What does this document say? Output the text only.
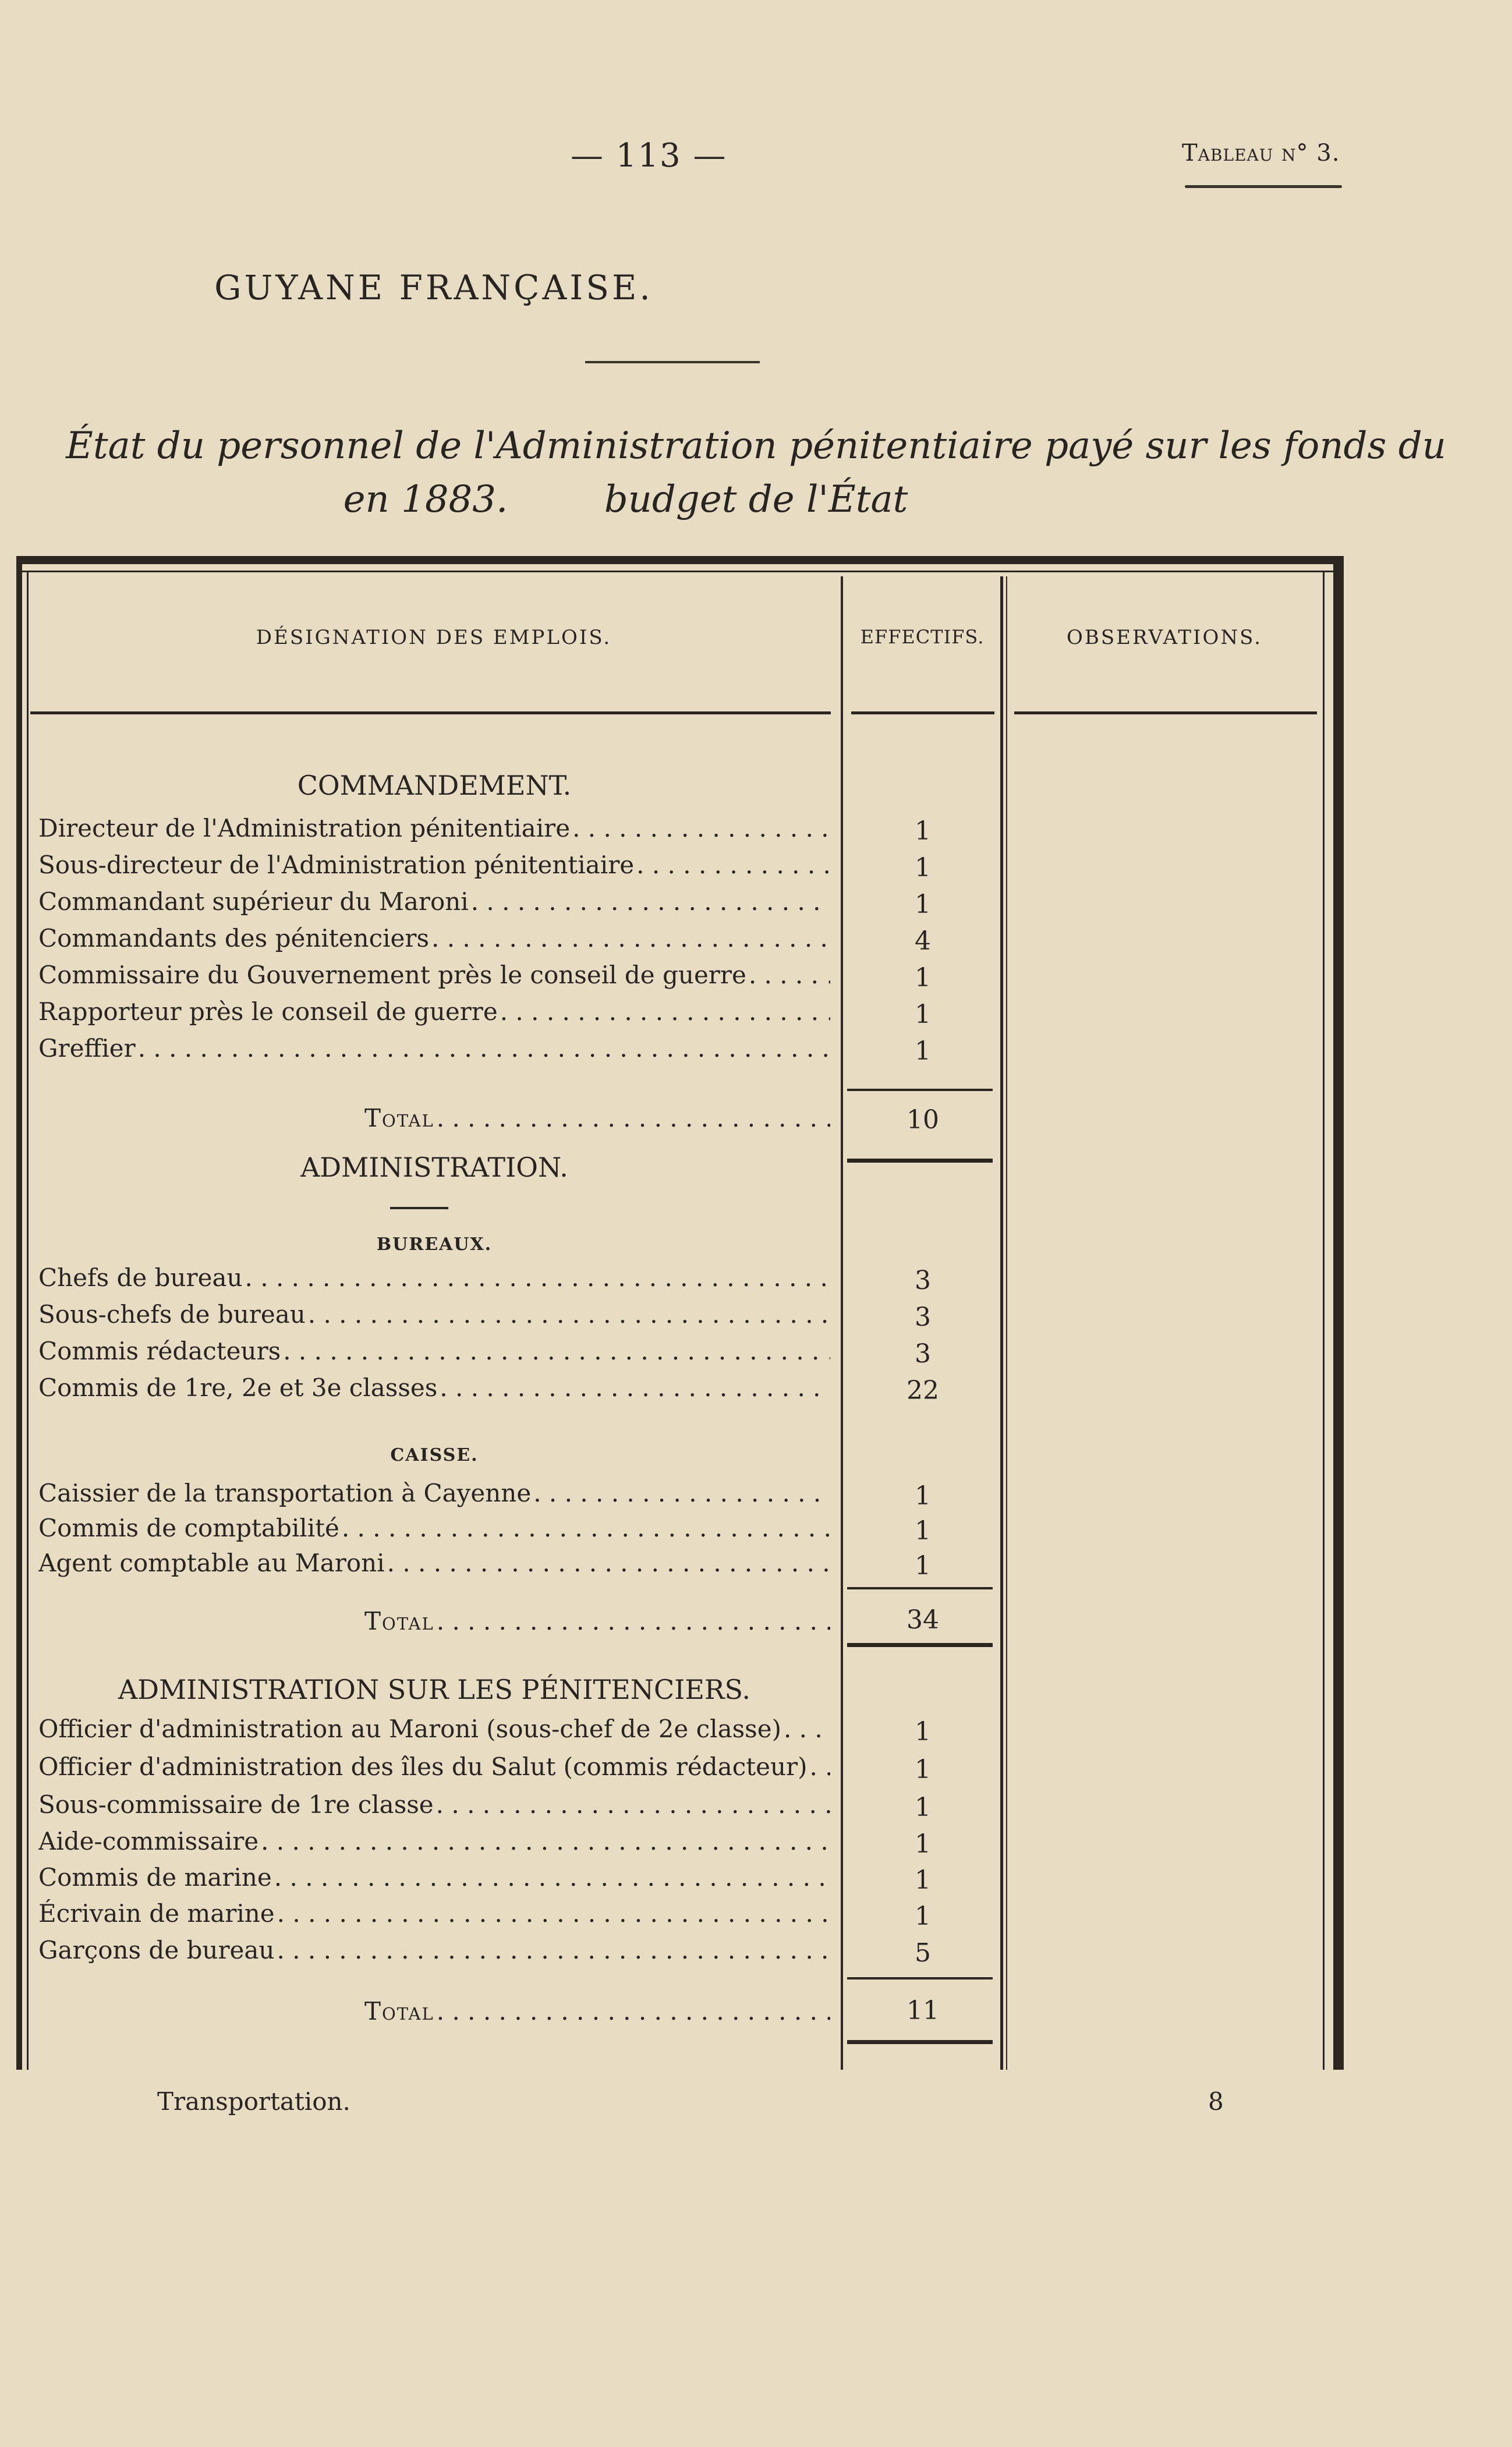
— 113 —	Tableau n° 3.
GUYANE FRANÇAISE.
État du personnel de l'Administration pénitentiaire payé sur les fonds du budget de l'État
en 1883.
DÉSIGNATION DES EMPLOIS.	EFFECTIFS.	OBSERVATIONS.
COMMANDEMENT.
Directeur de l'Administration pénitentiaire . . .	1
Sous-directeur de l'Administration pénitentiaire . . .	1
Commandant supérieur du Maroni . . .	1
Commandants des pénitenciers . . .	4
Commissaire du Gouvernement près le conseil de guerre . . .	1
Rapporteur près le conseil de guerre . . .	1
Greffier . . .	1
Total . . .	10
ADMINISTRATION.
BUREAUX.
Chefs de bureau . . .	3
Sous-chefs de bureau . . .	3
Commis rédacteurs . . .	3
Commis de 1re, 2e et 3e classes . . .	22
CAISSE.
Caissier de la transportation à Cayenne . . .	1
Commis de comptabilité . . .	1
Agent comptable au Maroni . . .	1
Total . . .	34
ADMINISTRATION SUR LES PÉNITENCIERS.
Officier d'administration au Maroni (sous-chef de 2e classe) . . .	1
Officier d'administration des îles du Salut (commis rédacteur) . . .	1
Sous-commissaire de 1re classe . . .	1
Aide-commissaire . . .	1
Commis de marine . . .	1
Écrivain de marine . . .	1
Garçons de bureau . . .	5
Total . . .	11
Transportation.	8
